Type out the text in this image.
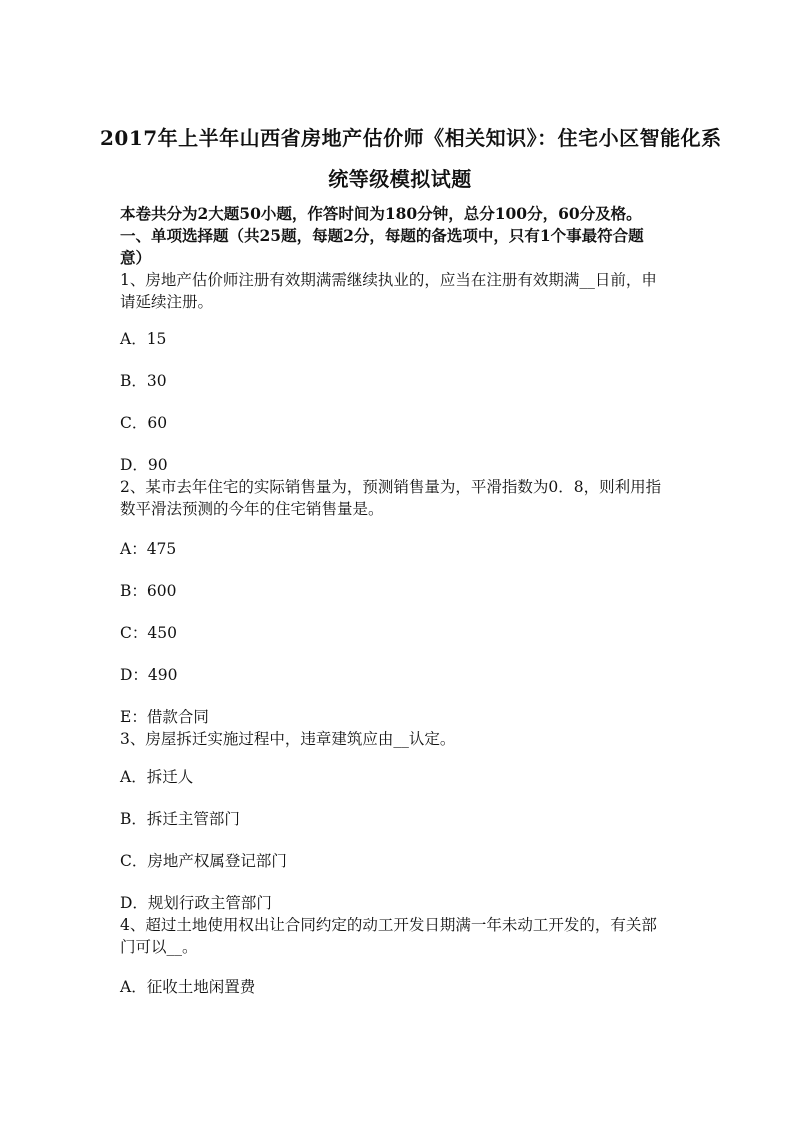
2017年上半年山西省房地产估价师《相关知识》：住宅小区智能化系
统等级模拟试题
本卷共分为2大题50小题，作答时间为180分钟，总分100分，60分及格。
一、单项选择题（共25题，每题2分，每题的备选项中，只有1个事最符合题
意）
1、房地产估价师注册有效期满需继续执业的，应当在注册有效期满__日前，申
请延续注册。
A．15
B．30
C．60
D．90
2、某市去年住宅的实际销售量为，预测销售量为，平滑指数为0．8，则利用指
数平滑法预测的今年的住宅销售量是。
A：475
B：600
C：450
D：490
E：借款合同
3、房屋拆迁实施过程中，违章建筑应由__认定。
A．拆迁人
B．拆迁主管部门
C．房地产权属登记部门
D．规划行政主管部门
4、超过土地使用权出让合同约定的动工开发日期满一年未动工开发的，有关部
门可以__。
A．征收土地闲置费
